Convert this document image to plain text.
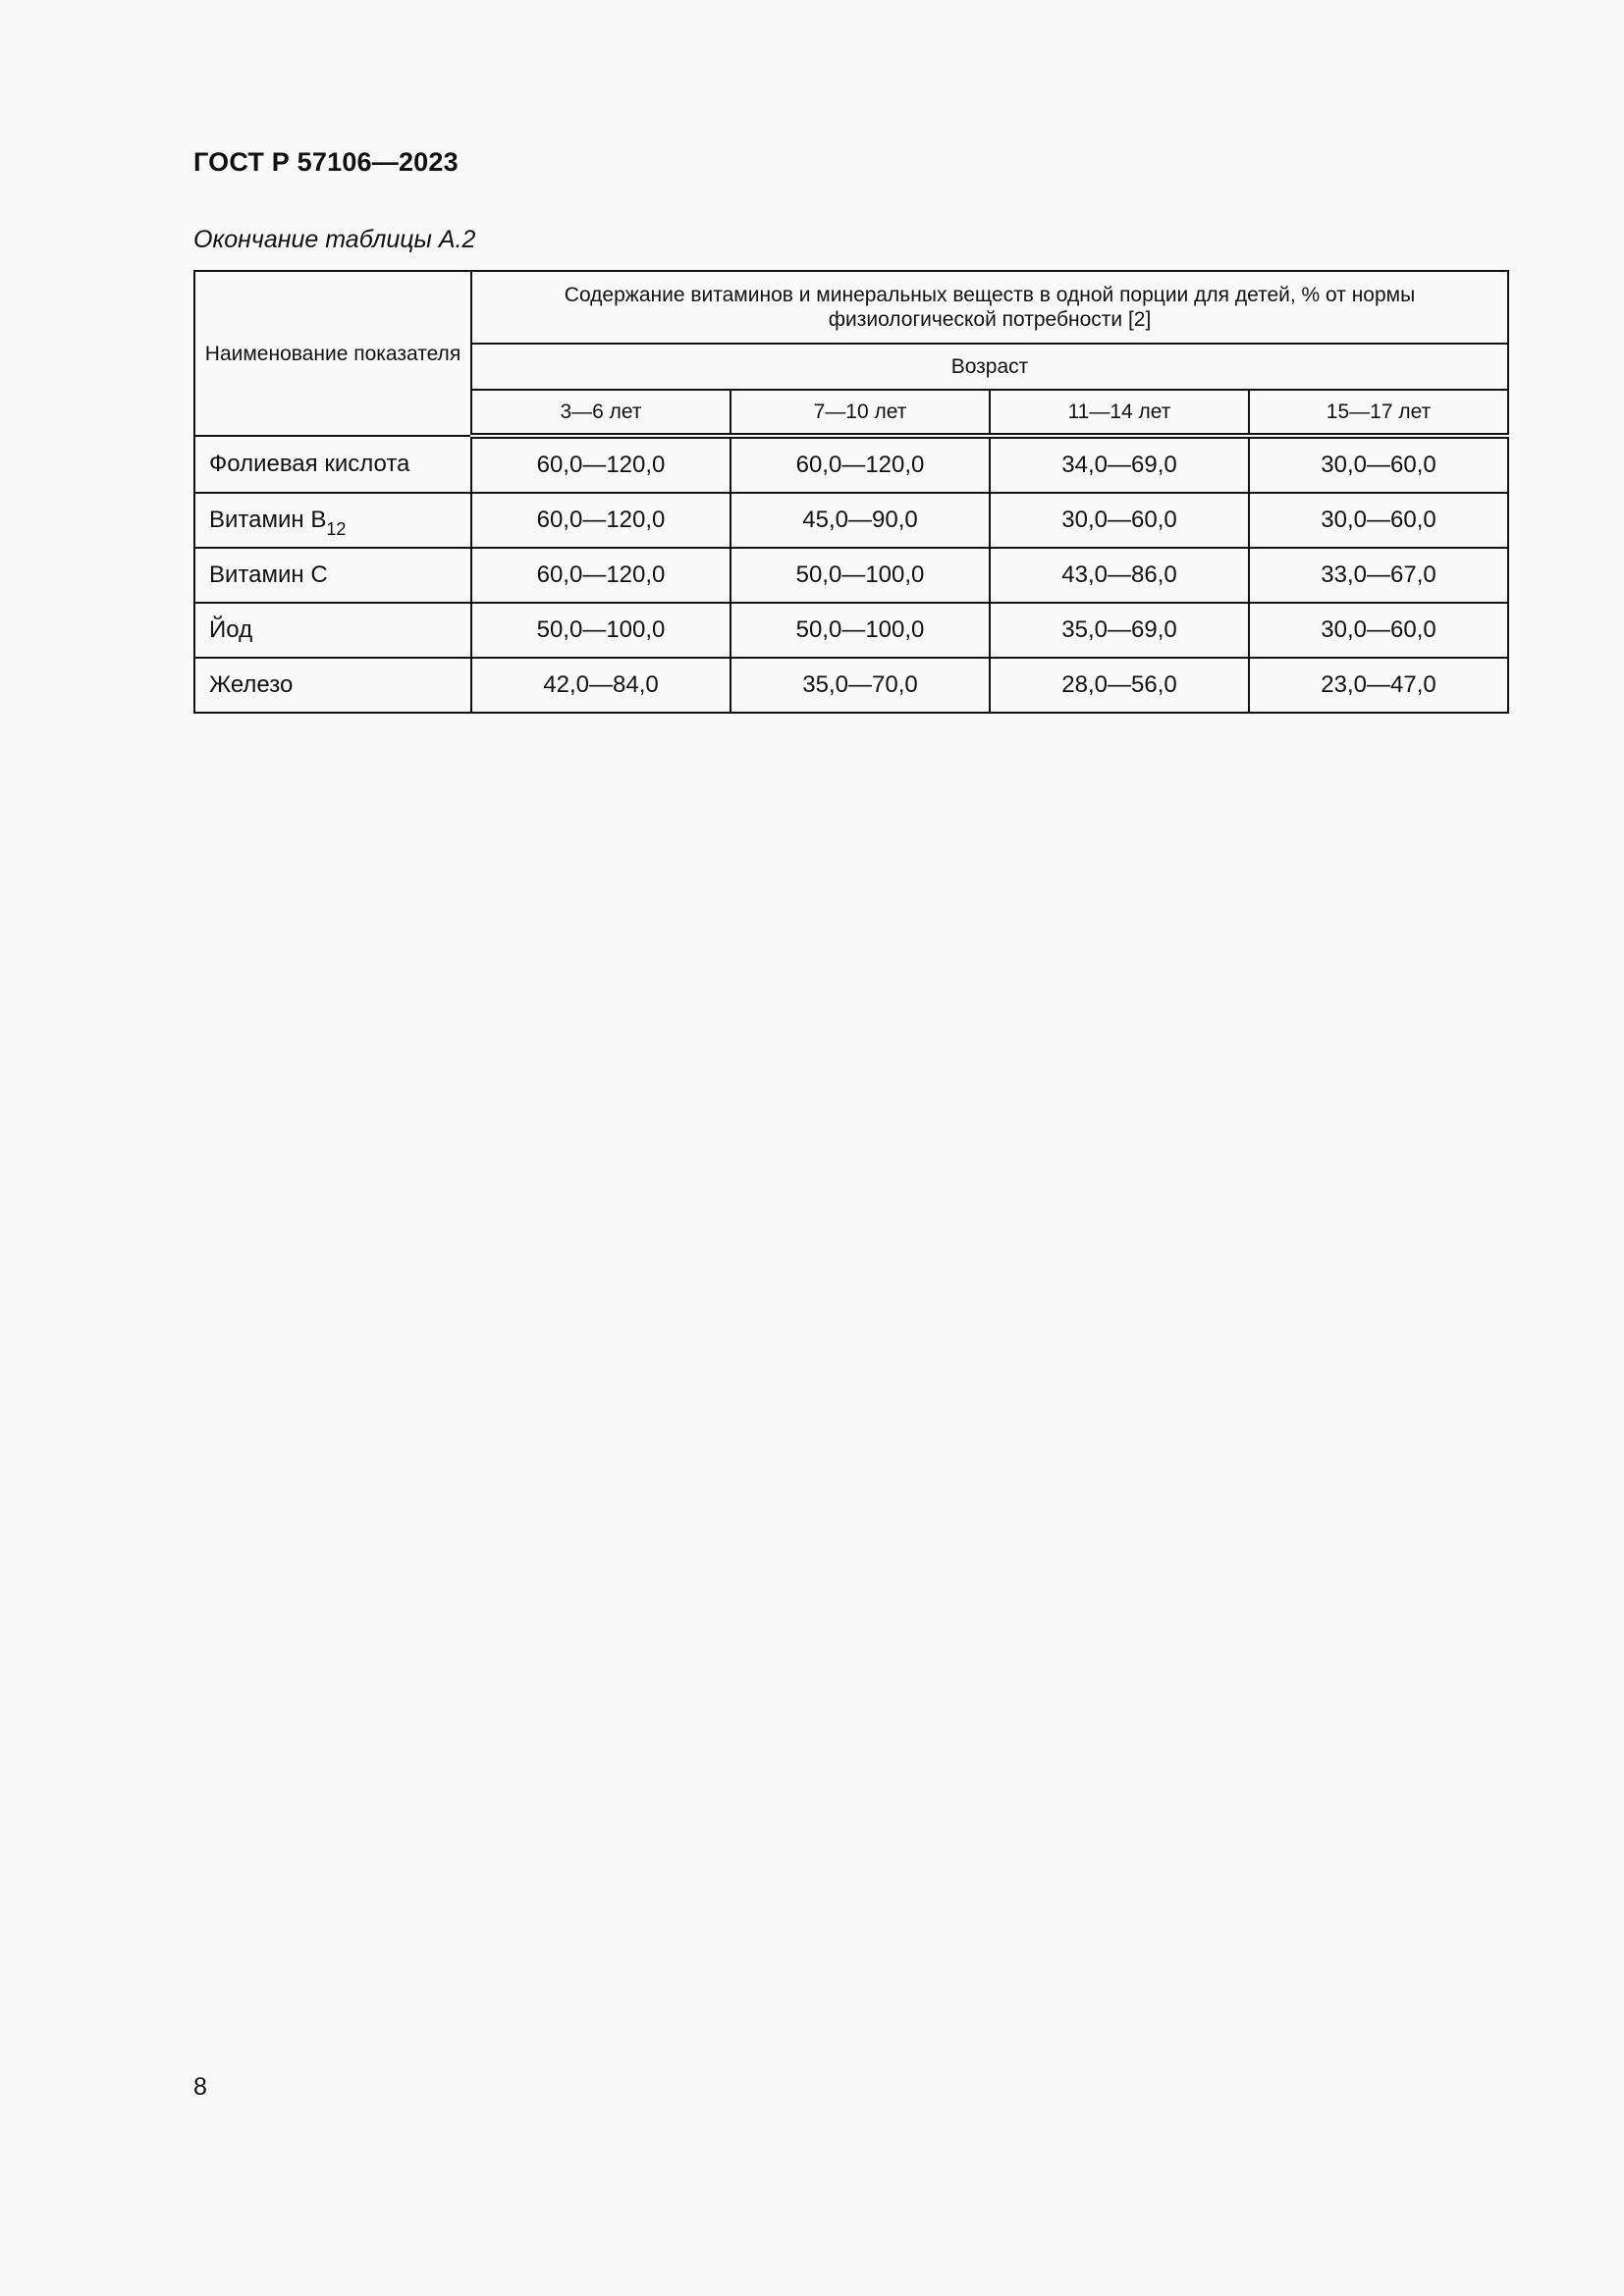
ГОСТ Р 57106—2023
Окончание таблицы А.2
Наименование показателя	Содержание витаминов и минеральных веществ в одной порции для детей, % от нормы физиологической потребности [2]			
	Возраст			
	3—6 лет	7—10 лет	11—14 лет	15—17 лет
Фолиевая кислота	60,0—120,0	60,0—120,0	34,0—69,0	30,0—60,0
Витамин $В_{12}$	60,0—120,0	45,0—90,0	30,0—60,0	30,0—60,0
Витамин С	60,0—120,0	50,0—100,0	43,0—86,0	33,0—67,0
Йод	50,0—100,0	50,0—100,0	35,0—69,0	30,0—60,0
Железо	42,0—84,0	35,0—70,0	28,0—56,0	23,0—47,0
8
